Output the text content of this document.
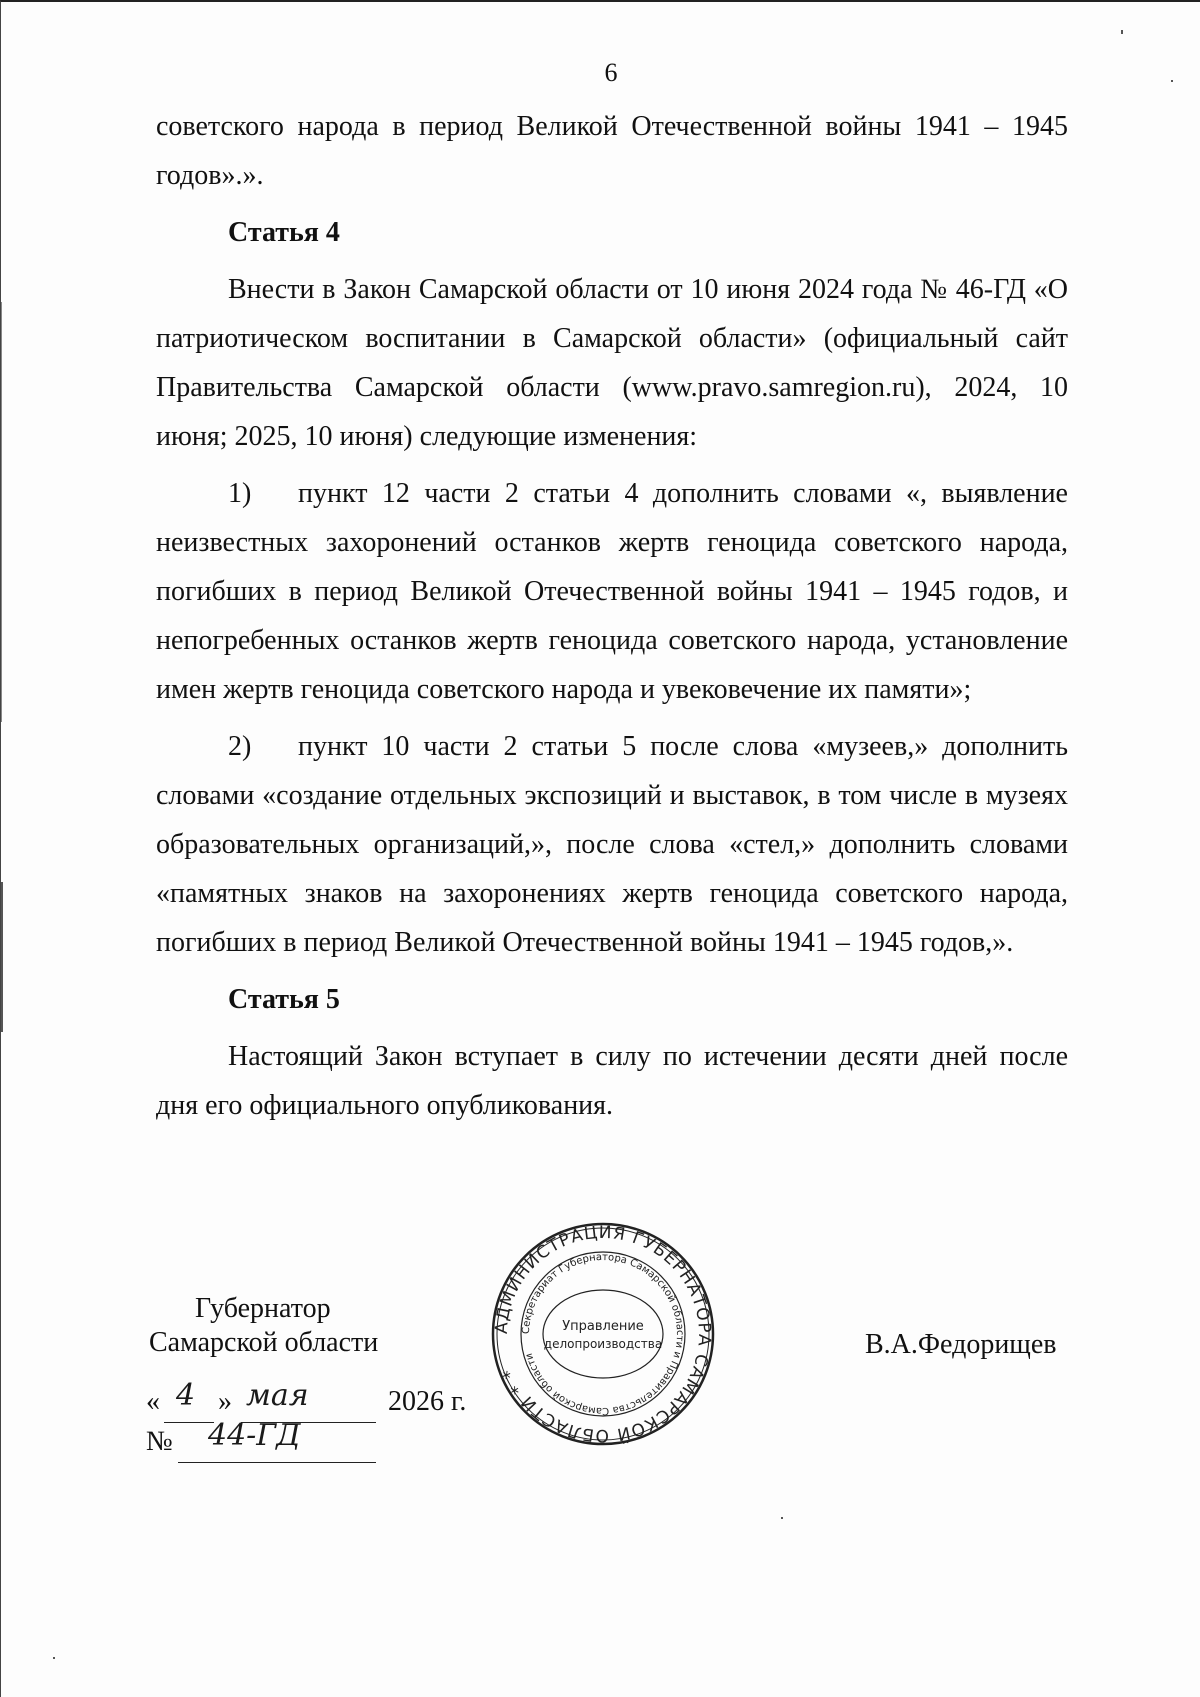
6

советского народа в период Великой Отечественной войны 1941 – 1945 годов».».

Статья 4

Внести в Закон Самарской области от 10 июня 2024 года № 46-ГД «О патриотическом воспитании в Самарской области» (официальный сайт Правительства Самарской области (www.pravo.samregion.ru), 2024, 10 июня; 2025, 10 июня) следующие изменения:

1) пункт 12 части 2 статьи 4 дополнить словами «, выявление неизвестных захоронений останков жертв геноцида советского народа, погибших в период Великой Отечественной войны 1941 – 1945 годов, и непогребенных останков жертв геноцида советского народа, установление имен жертв геноцида советского народа и увековечение их памяти»;

2) пункт 10 части 2 статьи 5 после слова «музеев,» дополнить словами «создание отдельных экспозиций и выставок, в том числе в музеях образовательных организаций,», после слова «стел,» дополнить словами «памятных знаков на захоронениях жертв геноцида советского народа, погибших в период Великой Отечественной войны 1941 – 1945 годов,».

Статья 5

Настоящий Закон вступает в силу по истечении десяти дней после дня его официального опубликования.

Губернатор
Самарской области	В.А.Федорищев
« 4 » мая	2026 г.
№ 44-ГД
АДМИНИСТРАЦИЯ ГУБЕРНАТОРА САМАРСКОЙ ОБЛАСТИ * *
Секретариат Губернатора Самарской области и Правительства Самарской области
Управление
делопроизводства
